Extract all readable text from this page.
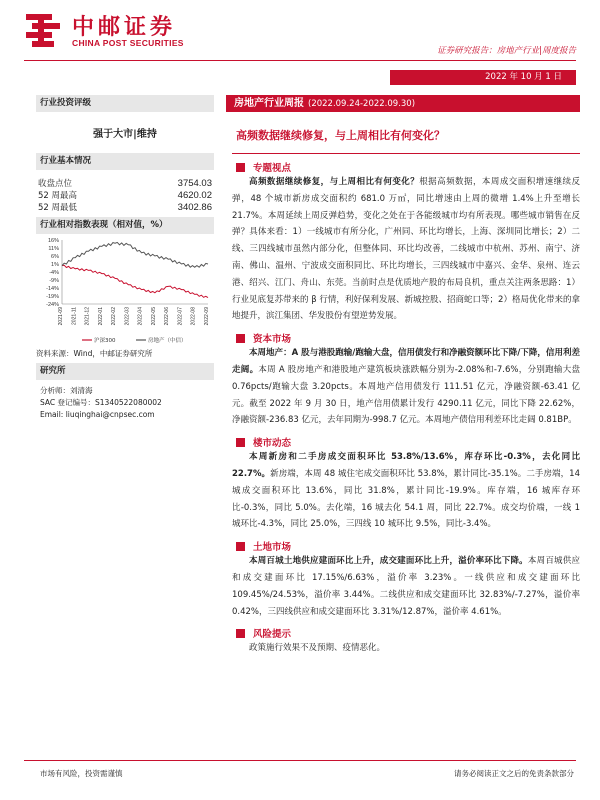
中邮证券
CHINA POST SECURITIES
证券研究报告：房地产行业|周度报告
2022 年 10 月 1 日
行业投资评级
强于大市|维持
行业基本情况
收盘点位	3754.03
52 周最高	4620.02
52 周最低	3402.86
行业相对指数表现（相对值，%）
16%
11%
6%
1%
-4%
-9%
-14%
-19%
-24%
2021-09 2021-11 2021-12 2022-01 2022-02 2022-03 2022-04 2022-05 2022-06 2022-07 2022-08 2022-09
沪深300	房地产（中信）
资料来源：Wind，中邮证券研究所
研究所
分析师：刘清海
SAC 登记编号：S1340522080002
Email: liuqinghai@cnpsec.com
房地产行业周报 (2022.09.24-2022.09.30)
高频数据继续修复，与上周相比有何变化？
专题视点
高频数据继续修复，与上周相比有何变化？根据高频数据，本周成交面积增速继续反弹，48 个城市新房成交面积约 681.0 万㎡，同比增速由上周的微增 1.4%上升至增长 21.7%。本周延续上周反弹趋势，变化之处在于各能级城市均有所表现。哪些城市销售在反弹？具体来看：1）一线城市有所分化，广州同、环比均增长，上海、深圳同比增长；2）二线、三四线城市虽然内部分化，但整体同、环比均改善，二线城市中杭州、苏州、南宁、济南、佛山、温州、宁波成交面积同比、环比均增长，三四线城市中嘉兴、金华、泉州、连云港、绍兴、江门、舟山、东莞。当前时点是优质地产股的布局良机，重点关注两条思路：1）行业见底复苏带来的 β 行情，利好保利发展、新城控股、招商蛇口等；2）格局优化带来的拿地提升，滨江集团、华发股份有望逆势发展。
资本市场
本周地产：A 股与港股跑输/跑输大盘，信用债发行和净融资额环比下降/下降，信用利差走阔。本周 A 股房地产和港股地产建筑板块涨跌幅分别为-2.08%和-7.6%，分别跑输大盘 0.76pcts/跑输大盘 3.20pcts。本周地产信用债发行 111.51 亿元，净融资额-63.41 亿元。截至 2022 年 9 月 30 日，地产信用债累计发行 4290.11 亿元，同比下降 22.62%，净融资额-236.83 亿元，去年同期为-998.7 亿元。本周地产债信用利差环比走阔 0.81BP。
楼市动态
本周新房和二手房成交面积环比 53.8%/13.6%，库存环比-0.3%，去化同比 22.7%。新房端，本周 48 城住宅成交面积环比 53.8%，累计同比-35.1%。二手房端，14 城成交面积环比 13.6%，同比 31.8%，累计同比-19.9%。库存端，16 城库存环比-0.3%，同比 5.0%。去化端，16 城去化 54.1 周，同比 22.7%。成交均价端，一线 1 城环比-4.3%，同比 25.0%，三四线 10 城环比 9.5%，同比-3.4%。
土地市场
本周百城土地供应建面环比上升，成交建面环比上升，溢价率环比下降。本周百城供应和成交建面环比 17.15%/6.63%，溢价率 3.23%。一线供应和成交建面环比 109.45%/24.53%，溢价率 3.44%。二线供应和成交建面环比 32.83%/-7.27%，溢价率 0.42%，三四线供应和成交建面环比 3.31%/12.87%，溢价率 4.61%。
风险提示
政策施行效果不及预期、疫情恶化。
市场有风险，投资需谨慎	请务必阅读正文之后的免责条款部分
